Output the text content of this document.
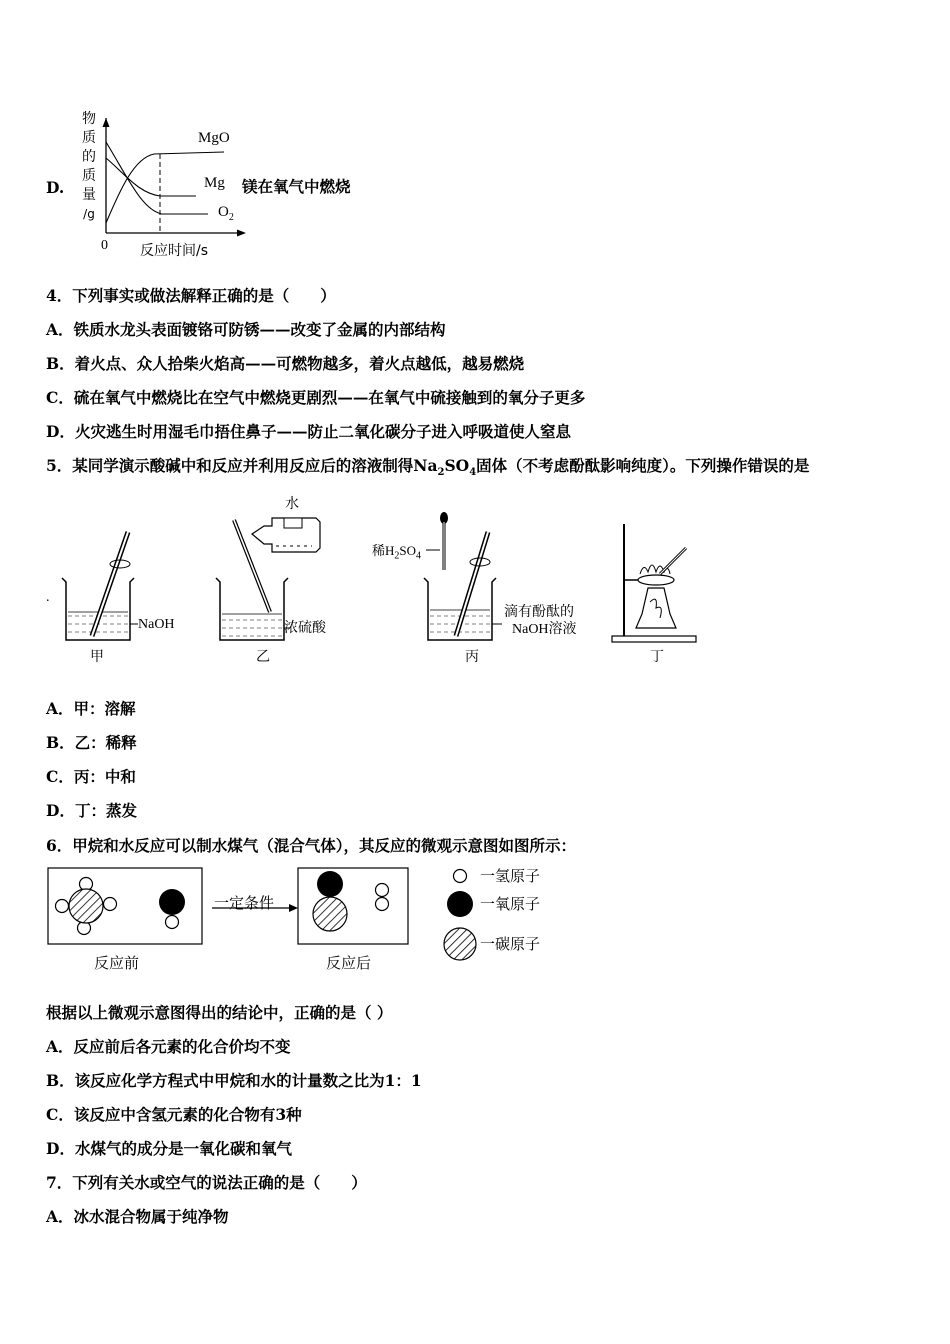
D.
物
质
的
质
量
/g
MgO
Mg
$O_2$
0 反应时间/s
镁在氧气中燃烧
4．下列事实或做法解释正确的是（　　）
A．铁质水龙头表面镀铬可防锈——改变了金属的内部结构
B．着火点、众人拾柴火焰高——可燃物越多，着火点越低，越易燃烧
C．硫在氧气中燃烧比在空气中燃烧更剧烈——在氧气中硫接触到的氧分子更多
D．火灾逃生时用湿毛巾捂住鼻子——防止二氧化碳分子进入呼吸道使人窒息
5．某同学演示酸碱中和反应并利用反应后的溶液制得$Na_2SO_4$固体（不考虑酚酞影响纯度）。下列操作错误的是
NaOH
甲
.
水
浓硫酸
乙
稀$H_2SO_4$
滴有酚酞的
NaOH溶液
丙	丁
A．甲：溶解
B．乙：稀释
C．丙：中和
D．丁：蒸发
6．甲烷和水反应可以制水煤气（混合气体），其反应的微观示意图如图所示：
一定条件
反应前	反应后
一氢原子
一氧原子
一碳原子
根据以上微观示意图得出的结论中，正确的是（ ）
A．反应前后各元素的化合价均不变
B．该反应化学方程式中甲烷和水的计量数之比为1：1
C．该反应中含氢元素的化合物有3种
D．水煤气的成分是一氧化碳和氧气
7．下列有关水或空气的说法正确的是（　　）
A．冰水混合物属于纯净物
